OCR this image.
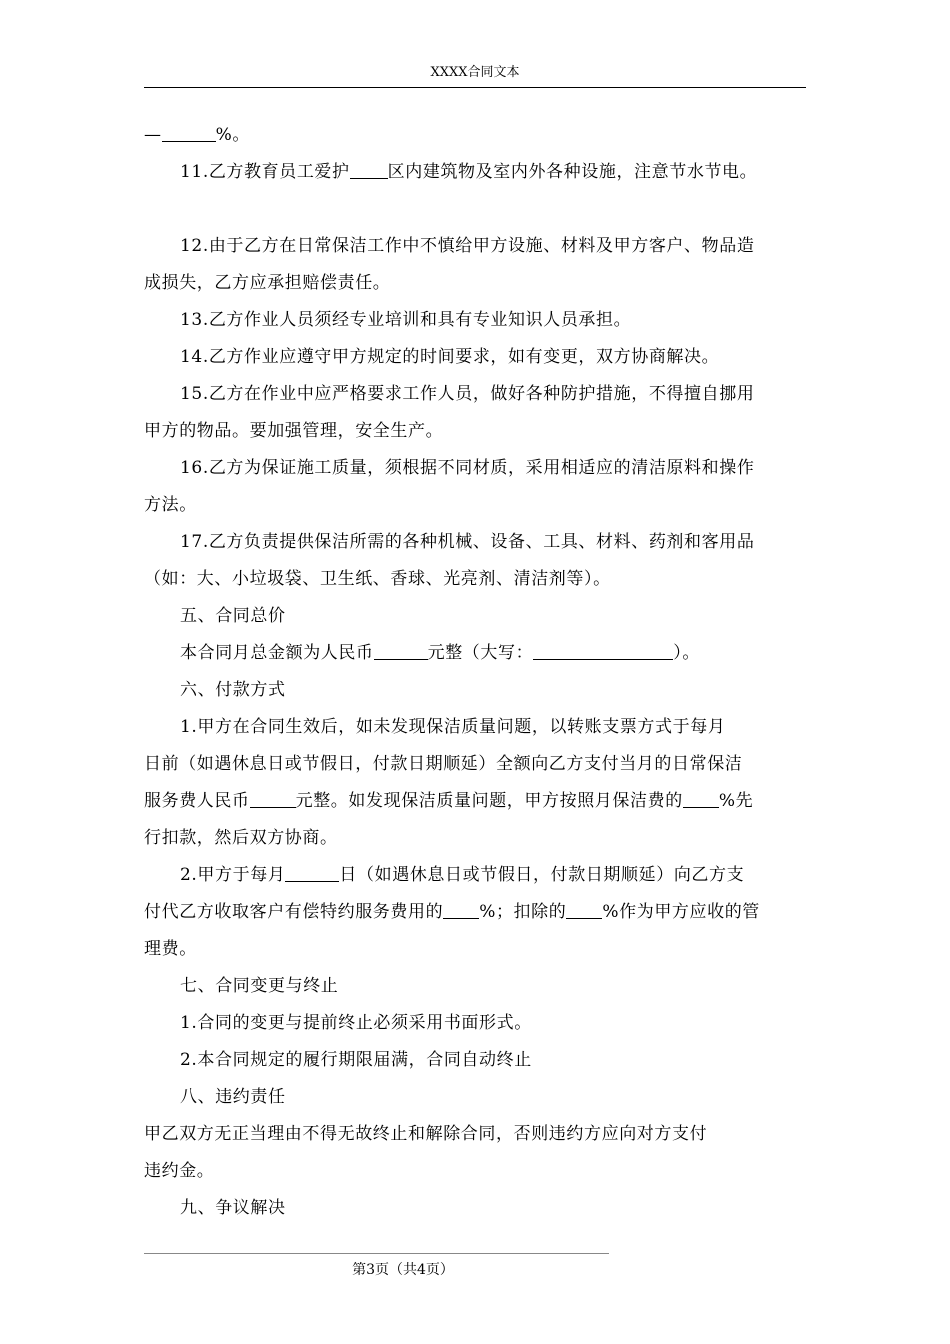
XXXX合同文本

—	%。

11.乙方教育员工爱护 区内建筑物及室内外各种设施，注意节水节电。

12.由于乙方在日常保洁工作中不慎给甲方设施、材料及甲方客户、物品造

成损失，乙方应承担赔偿责任。

13.乙方作业人员须经专业培训和具有专业知识人员承担。

14.乙方作业应遵守甲方规定的时间要求，如有变更，双方协商解决。

15.乙方在作业中应严格要求工作人员，做好各种防护措施，不得擅自挪用

甲方的物品。要加强管理，安全生产。

16.乙方为保证施工质量，须根据不同材质，采用相适应的清洁原料和操作

方法。

17.乙方负责提供保洁所需的各种机械、设备、工具、材料、药剂和客用品

（如：大、小垃圾袋、卫生纸、香球、光亮剂、清洁剂等）。

五、合同总价

本合同月总金额为人民币	元整（大写：	）。

六、付款方式

1.甲方在合同生效后，如未发现保洁质量问题，以转账支票方式于每月

日前（如遇休息日或节假日，付款日期顺延）全额向乙方支付当月的日常保洁

服务费人民币	元整。如发现保洁质量问题，甲方按照月保洁费的 %先

行扣款，然后双方协商。

2.甲方于每月	日（如遇休息日或节假日，付款日期顺延）向乙方支

付代乙方收取客户有偿特约服务费用的 %；扣除的 %作为甲方应收的管

理费。

七、合同变更与终止

1.合同的变更与提前终止必须采用书面形式。

2.本合同规定的履行期限届满，合同自动终止

八、违约责任

甲乙双方无正当理由不得无故终止和解除合同，否则违约方应向对方支付

违约金。

九、争议解决

第3页（共4页）
